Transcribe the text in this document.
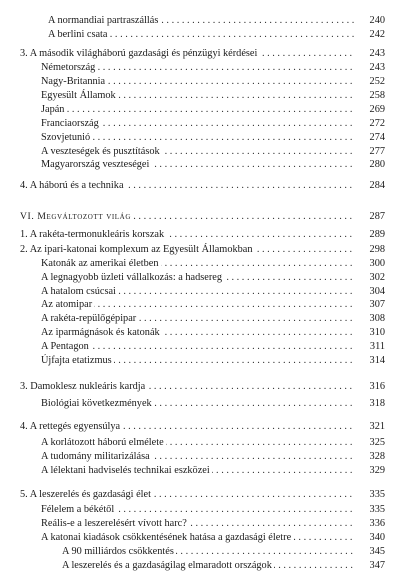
A normandiai partraszállás . . .	240
A berlini csata . . .	242
3. A második világháború gazdasági és pénzügyi kérdései . . .	243
Németország . . .	243
Nagy-Britannia . . .	252
Egyesült Államok . . .	258
Japán . . .	269
Franciaország . . .	272
Szovjetunió . . .	274
A veszteségek és pusztítások . . .	277
Magyarország veszteségei . . .	280
4. A háború és a technika . . .	284
VI. Megváltozott világ . . .	287
1. A rakéta-termonukleáris korszak . . .	289
2. Az ipari-katonai komplexum az Egyesült Államokban . . .	298
Katonák az amerikai életben . . .	300
A legnagyobb üzleti vállalkozás: a hadsereg . . .	302
A hatalom csúcsai . . .	304
Az atomipar . . .	307
A rakéta-repülőgépipar . . .	308
Az iparmágnások és katonák . . .	310
A Pentagon . . .	311
Újfajta etatizmus . . .	314
3. Damoklesz nukleáris kardja . . .	316
Biológiai következmények . . .	318
4. A rettegés egyensúlya . . .	321
A korlátozott háború elmélete . . .	325
A tudomány militarizálása . . .	328
A lélektani hadviselés technikai eszközei . . .	329
5. A leszerelés és gazdasági élet . . .	335
Félelem a békétől . . .	335
Reális-e a leszerelésért vívott harc? . . .	336
A katonai kiadások csökkentésének hatása a gazdasági életre . . .	340
A 90 milliárdos csökkentés . . .	345
A leszerelés és a gazdaságilag elmaradott országok . . .	347
